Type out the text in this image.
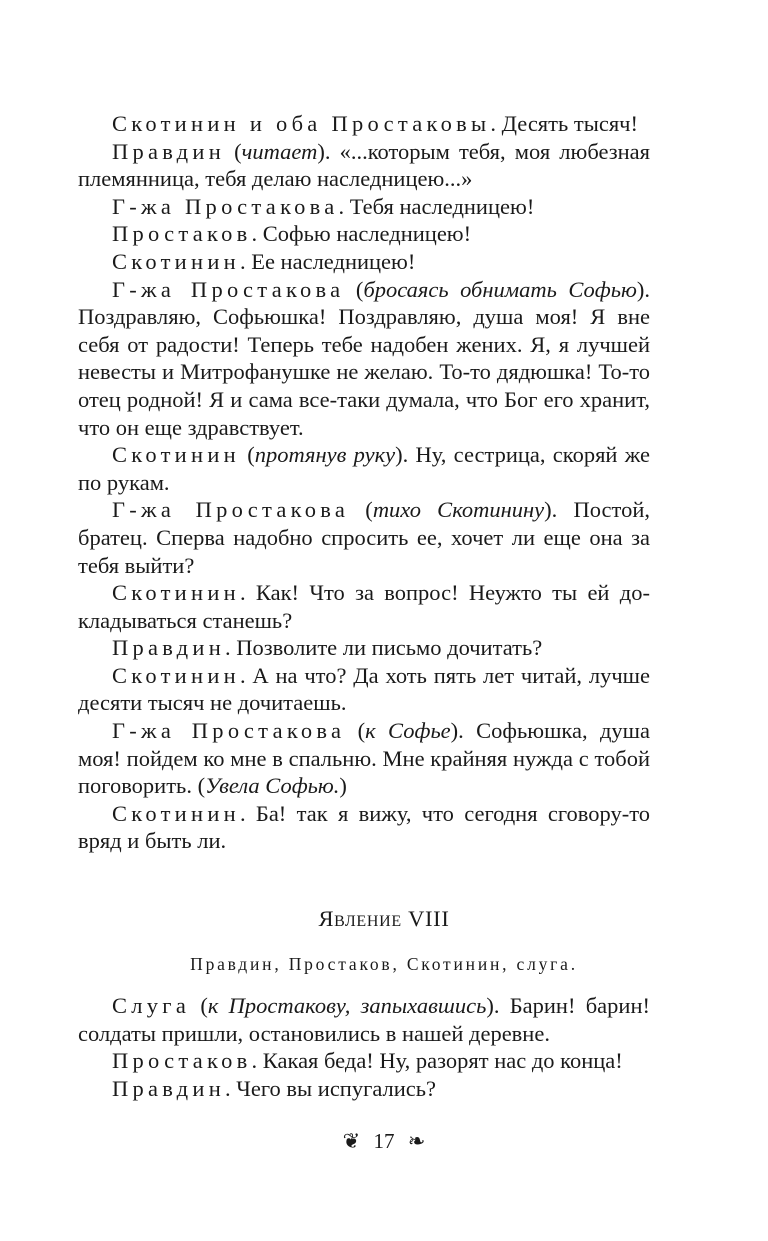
Скотинин и оба Простаковы. Десять тысяч!

Правдин (читает). «...которым тебя, моя любезная племянница, тебя делаю наследницею...»

Г-жа Простакова. Тебя наследницею!

Простаков. Софью наследницею!

Скотинин. Ее наследницею!

Г-жа Простакова (бросаясь обнимать Софью). Поздравляю, Софьюшка! Поздравляю, душа моя! Я вне себя от радости! Теперь тебе надобен жених. Я, я лучшей невесты и Митрофанушке не желаю. То-то дядюшка! То-то отец родной! Я и сама все-таки думала, что Бог его хранит, что он еще здравствует.

Скотинин (протянув руку). Ну, сестрица, скоряй же по рукам.

Г-жа Простакова (тихо Скотинину). Постой, братец. Сперва надобно спросить ее, хочет ли еще она за тебя выйти?

Скотинин. Как! Что за вопрос! Неужто ты ей докладываться станешь?

Правдин. Позволите ли письмо дочитать?

Скотинин. А на что? Да хоть пять лет читай, лучше десяти тысяч не дочитаешь.

Г-жа Простакова (к Софье). Софьюшка, душа моя! пойдем ко мне в спальню. Мне крайняя нужда с тобой поговорить. (Увела Софью.)

Скотинин. Ба! так я вижу, что сегодня сговору-то вряд и быть ли.

Явление VIII
Правдин, Простаков, Скотинин, слуга.

Слуга (к Простакову, запыхавшись). Барин! барин! солдаты пришли, остановились в нашей деревне.

Простаков. Какая беда! Ну, разорят нас до конца!

Правдин. Чего вы испугались?

❦ 17 ❧
